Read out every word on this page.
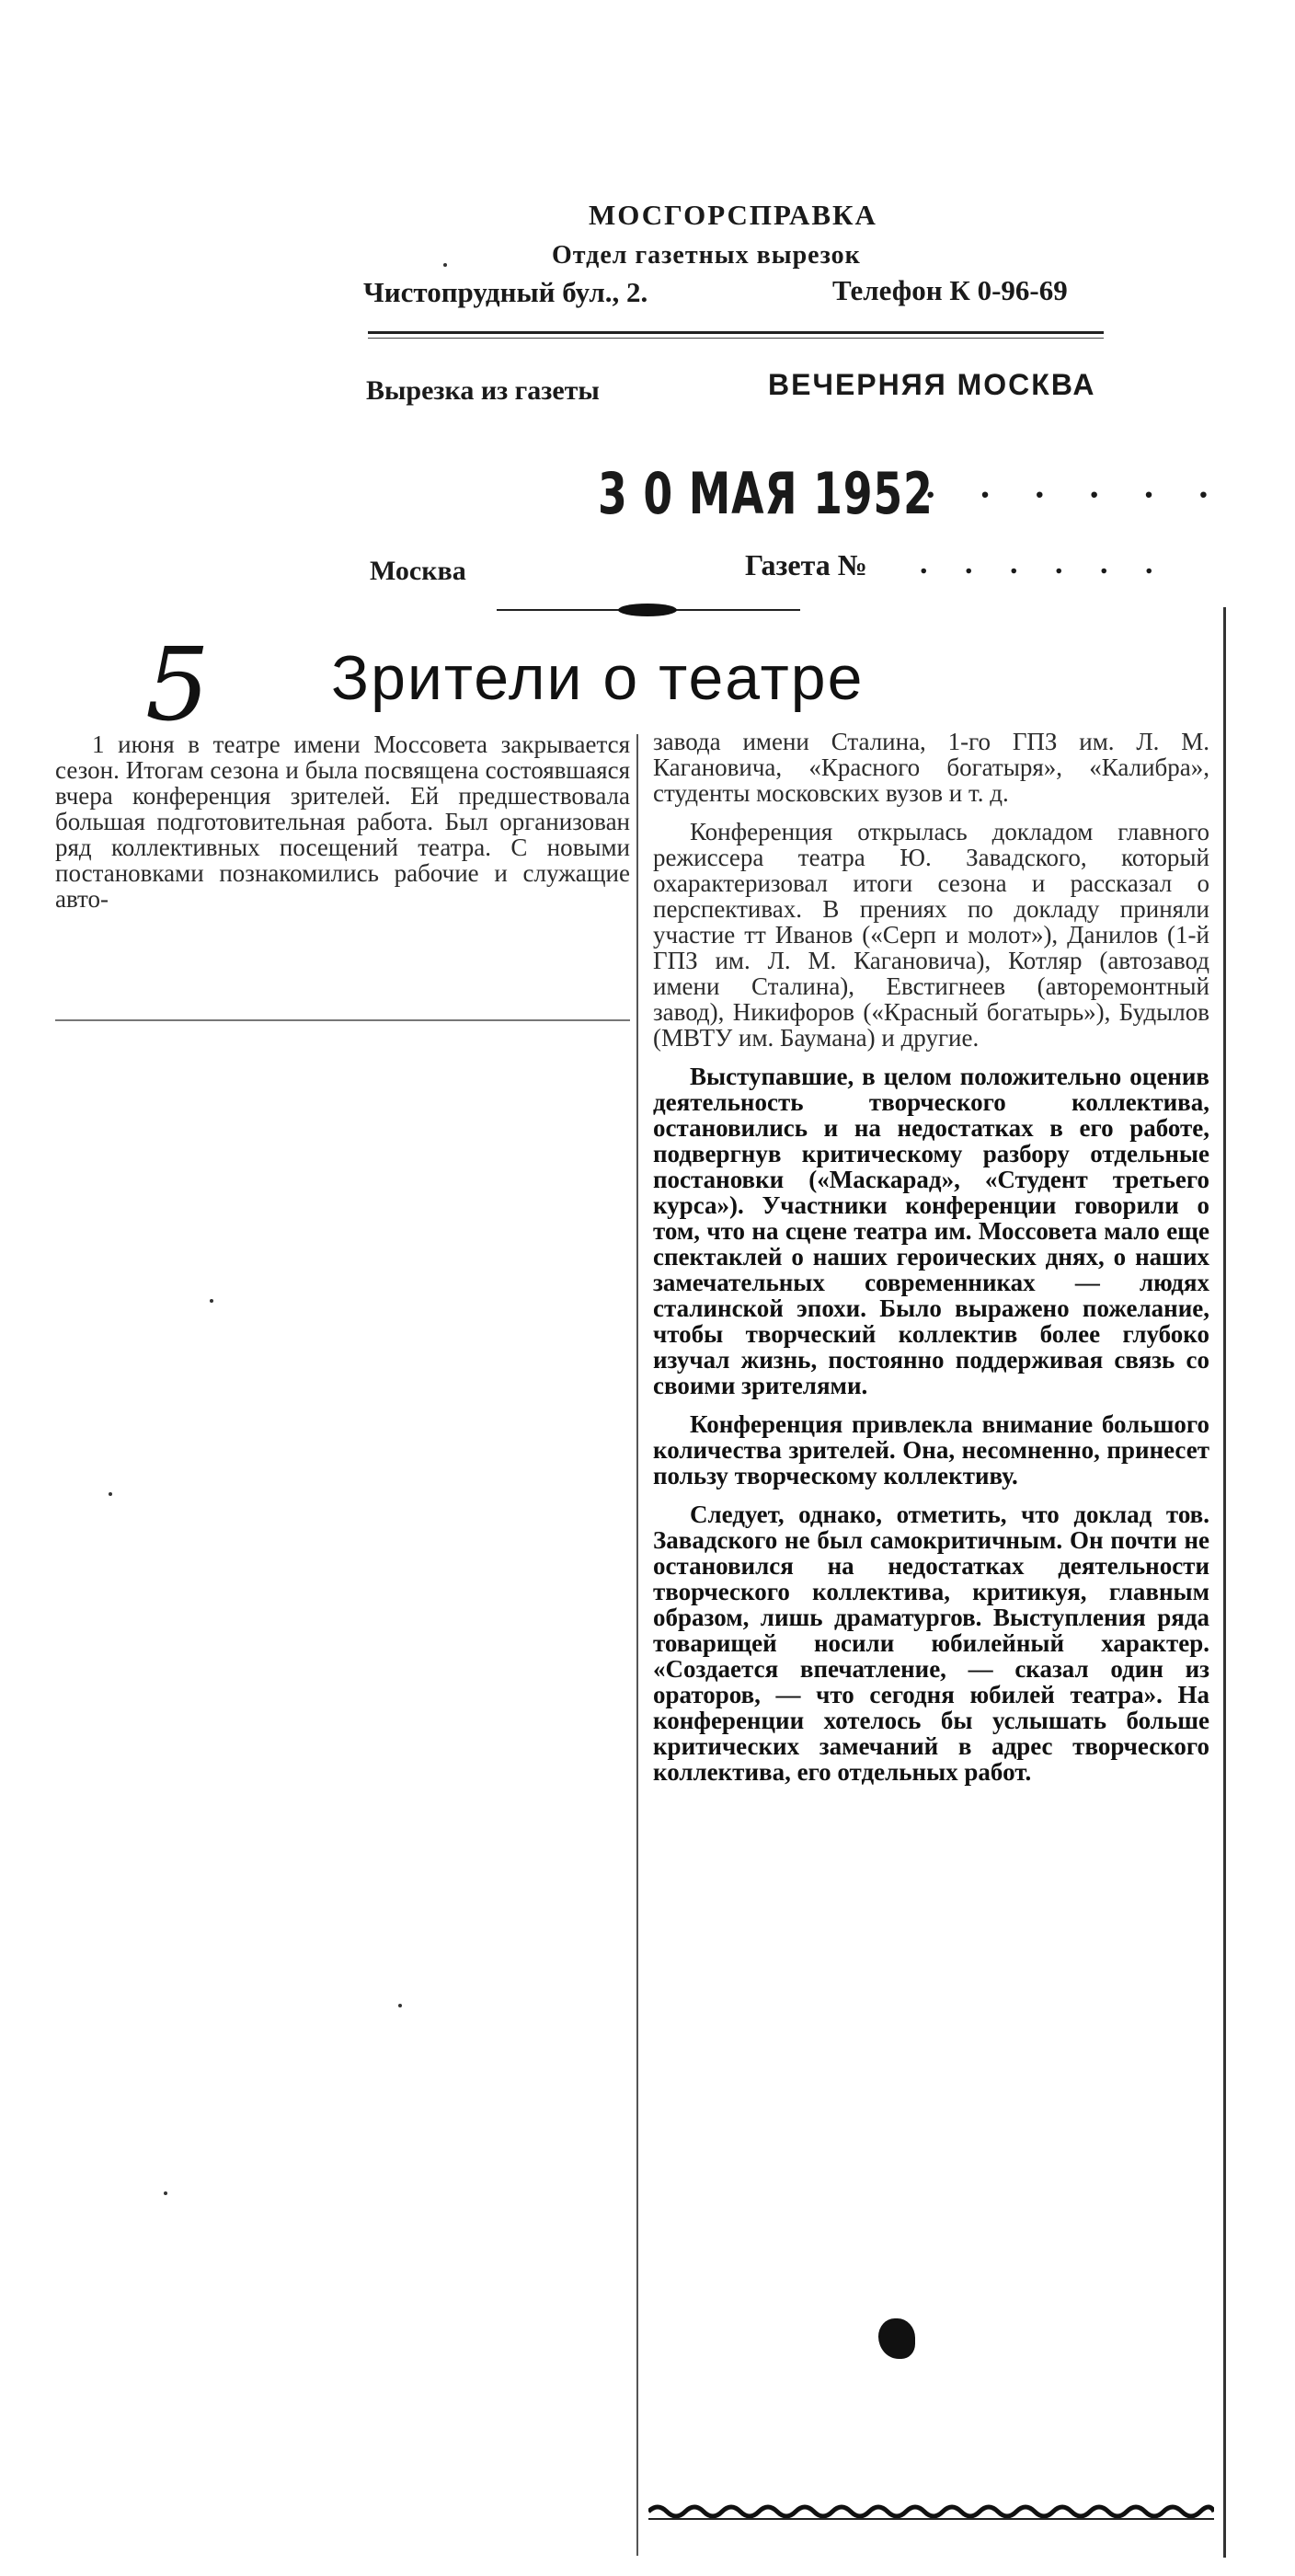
МОСГОРСПРАВКА
Отдел газетных вырезок
Чистопрудный бул., 2.	Телефон К 0-96-69
Вырезка из газеты	ВЕЧЕРНЯЯ МОСКВА
3 0 МАЯ 1952
· · · · · ·
Москва	Газета № . . . . . .
5 Зрители о театре

1 июня в театре имени Моссовета закрывается сезон. Итогам сезона и была посвящена состоявшаяся вчера конференция зрителей. Ей предшествовала большая подготовительная работа. Был организован ряд коллективных посещений театра. С новыми постановками познакомились рабочие и служащие авто-

завода имени Сталина, 1-го ГПЗ им. Л. М. Кагановича, «Красного богатыря», «Калибра», студенты московских вузов и т. д.

Конференция открылась докладом главного режиссера театра Ю. Завадского, который охарактеризовал итоги сезона и рассказал о перспективах. В прениях по докладу приняли участие тт Иванов («Серп и молот»), Данилов (1-й ГПЗ им. Л. М. Кагановича), Котляр (автозавод имени Сталина), Евстигнеев (авторемонтный завод), Никифоров («Красный богатырь»), Будылов (МВТУ им. Баумана) и другие.

Выступавшие, в целом положительно оценив деятельность творческого коллектива, остановились и на недостатках в его работе, подвергнув критическому разбору отдельные постановки («Маскарад», «Студент третьего курса»). Участники конференции говорили о том, что на сцене театра им. Моссовета мало еще спектаклей о наших героических днях, о наших замечательных современниках — людях сталинской эпохи. Было выражено пожелание, чтобы творческий коллектив более глубоко изучал жизнь, постоянно поддерживая связь со своими зрителями.

Конференция привлекла внимание большого количества зрителей. Она, несомненно, принесет пользу творческому коллективу.

Следует, однако, отметить, что доклад тов. Завадского не был самокритичным. Он почти не остановился на недостатках деятельности творческого коллектива, критикуя, главным образом, лишь драматургов. Выступления ряда товарищей носили юбилейный характер. «Создается впечатление, — сказал один из ораторов, — что сегодня юбилей театра». На конференции хотелось бы услышать больше критических замечаний в адрес творческого коллектива, его отдельных работ.
